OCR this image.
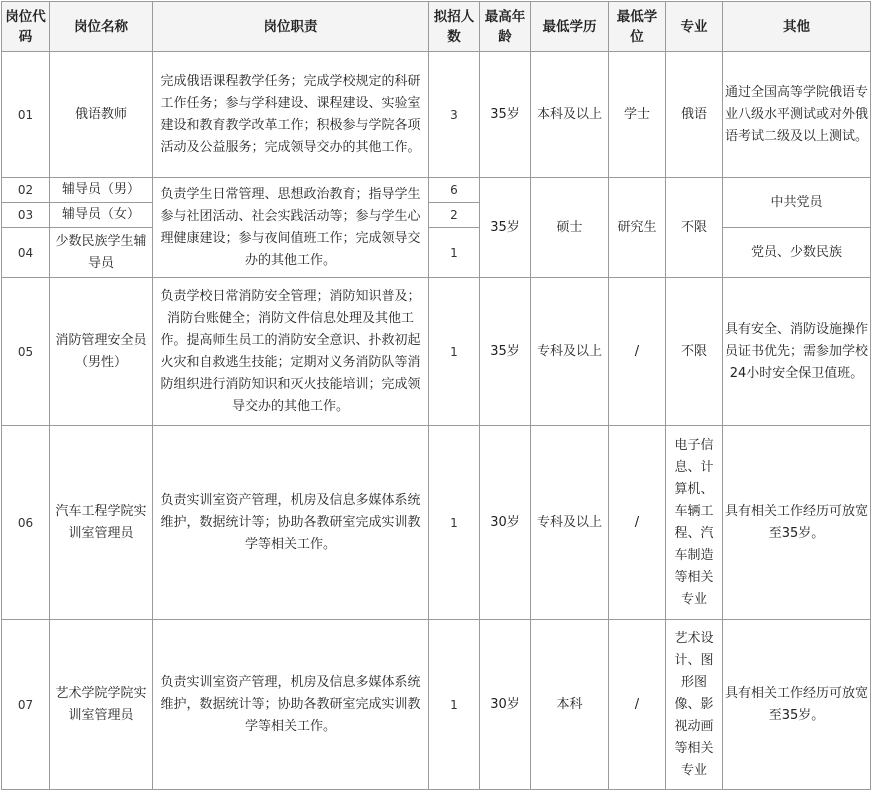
岗位代码	岗位名称	岗位职责	拟招人数	最高年龄	最低学历	最低学位	专业	其他
01	俄语教师	完成俄语课程教学任务；完成学校规定的科研工作任务；参与学科建设、课程建设、实验室建设和教育教学改革工作；积极参与学院各项活动及公益服务；完成领导交办的其他工作。	3	35岁	本科及以上	学士	俄语	通过全国高等学院俄语专业八级水平测试或对外俄语考试二级及以上测试。
02	辅导员（男）	负责学生日常管理、思想政治教育；指导学生参与社团活动、社会实践活动等；参与学生心理健康建设；参与夜间值班工作；完成领导交办的其他工作。	6	35岁	硕士	研究生	不限	中共党员
03	辅导员（女）		2					
04	少数民族学生辅导员		1					党员、少数民族
05	消防管理安全员（男性）	负责学校日常消防安全管理；消防知识普及；消防台账健全；消防文件信息处理及其他工作。提高师生员工的消防安全意识、扑救初起火灾和自救逃生技能；定期对义务消防队等消防组织进行消防知识和灭火技能培训；完成领导交办的其他工作。	1	35岁	专科及以上	/	不限	具有安全、消防设施操作员证书优先；需参加学校24小时安全保卫值班。
06	汽车工程学院实训室管理员	负责实训室资产管理，机房及信息多媒体系统维护，数据统计等；协助各教研室完成实训教学等相关工作。	1	30岁	专科及以上	/	电子信息、计算机、车辆工程、汽车制造等相关专业	具有相关工作经历可放宽至35岁。
07	艺术学院学院实训室管理员	负责实训室资产管理，机房及信息多媒体系统维护，数据统计等；协助各教研室完成实训教学等相关工作。	1	30岁	本科	/	艺术设计、图形图像、影视动画等相关专业	具有相关工作经历可放宽至35岁。
